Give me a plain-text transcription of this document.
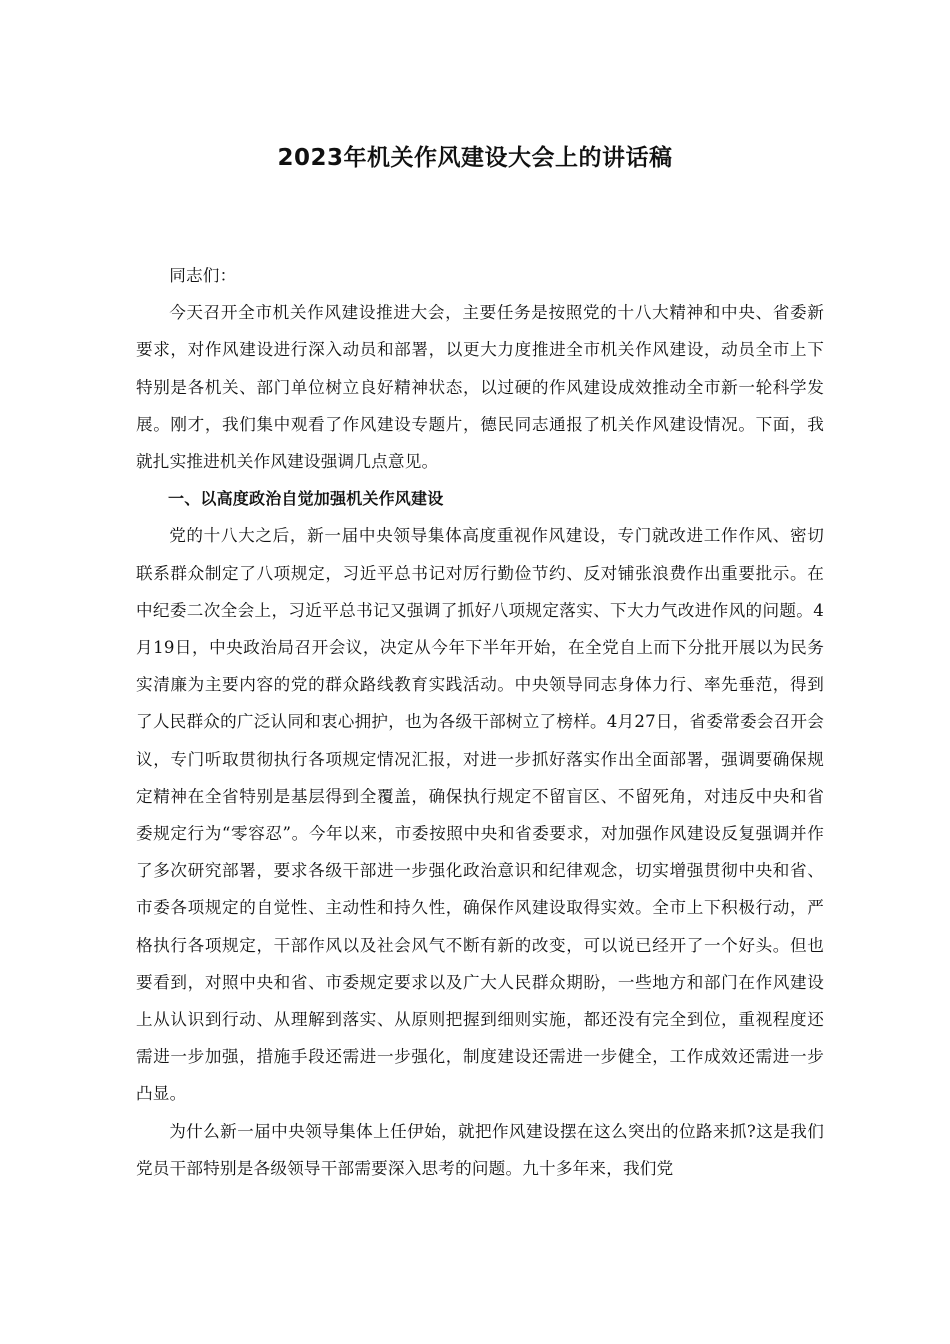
2023年机关作风建设大会上的讲话稿

同志们：

今天召开全市机关作风建设推进大会，主要任务是按照党的十八大精神和中央、省委新要求，对作风建设进行深入动员和部署，以更大力度推进全市机关作风建设，动员全市上下特别是各机关、部门单位树立良好精神状态，以过硬的作风建设成效推动全市新一轮科学发展。刚才，我们集中观看了作风建设专题片，德民同志通报了机关作风建设情况。下面，我就扎实推进机关作风建设强调几点意见。

一、以高度政治自觉加强机关作风建设

党的十八大之后，新一届中央领导集体高度重视作风建设，专门就改进工作作风、密切联系群众制定了八项规定，习近平总书记对厉行勤俭节约、反对铺张浪费作出重要批示。在中纪委二次全会上，习近平总书记又强调了抓好八项规定落实、下大力气改进作风的问题。4月19日，中央政治局召开会议，决定从今年下半年开始，在全党自上而下分批开展以为民务实清廉为主要内容的党的群众路线教育实践活动。中央领导同志身体力行、率先垂范，得到了人民群众的广泛认同和衷心拥护，也为各级干部树立了榜样。4月27日，省委常委会召开会议，专门听取贯彻执行各项规定情况汇报，对进一步抓好落实作出全面部署，强调要确保规定精神在全省特别是基层得到全覆盖，确保执行规定不留盲区、不留死角，对违反中央和省委规定行为“零容忍”。今年以来，市委按照中央和省委要求，对加强作风建设反复强调并作了多次研究部署，要求各级干部进一步强化政治意识和纪律观念，切实增强贯彻中央和省、市委各项规定的自觉性、主动性和持久性，确保作风建设取得实效。全市上下积极行动，严格执行各项规定，干部作风以及社会风气不断有新的改变，可以说已经开了一个好头。但也要看到，对照中央和省、市委规定要求以及广大人民群众期盼，一些地方和部门在作风建设上从认识到行动、从理解到落实、从原则把握到细则实施，都还没有完全到位，重视程度还需进一步加强，措施手段还需进一步强化，制度建设还需进一步健全，工作成效还需进一步凸显。

为什么新一届中央领导集体上任伊始，就把作风建设摆在这么突出的位路来抓?这是我们党员干部特别是各级领导干部需要深入思考的问题。九十多年来，我们党
